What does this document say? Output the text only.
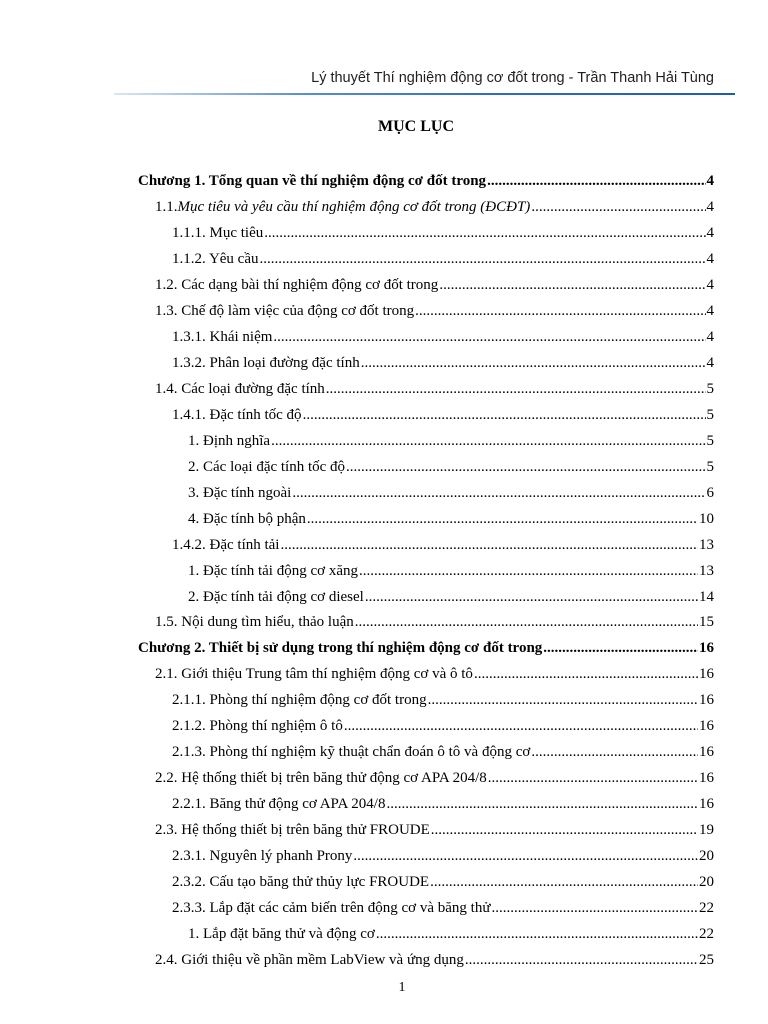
Lý thuyết Thí nghiệm động cơ đốt trong - Trần Thanh Hải Tùng
MỤC LỤC
Chương 1. Tổng quan về thí nghiệm động cơ đốt trong .....	4
1.1. Mục tiêu và yêu cầu thí nghiệm động cơ đốt trong (ĐCĐT) .....	4
1.1.1. Mục tiêu .....	4
1.1.2. Yêu cầu .....	4
1.2. Các dạng bài thí nghiệm động cơ đốt trong .....	4
1.3. Chế độ làm việc của động cơ đốt trong .....	4
1.3.1. Khái niệm .....	4
1.3.2. Phân loại đường đặc tính .....	4
1.4. Các loại đường đặc tính .....	5
1.4.1. Đặc tính tốc độ .....	5
1. Định nghĩa .....	5
2. Các loại đặc tính tốc độ .....	5
3. Đặc tính ngoài .....	6
4. Đặc tính bộ phận .....	10
1.4.2. Đặc tính tải .....	13
1. Đặc tính tải động cơ xăng .....	13
2. Đặc tính tải động cơ diesel .....	14
1.5. Nội dung tìm hiểu, thảo luận .....	15
Chương 2. Thiết bị sử dụng trong thí nghiệm động cơ đốt trong .....	16
2.1. Giới thiệu Trung tâm thí nghiệm động cơ và ô tô .....	16
2.1.1. Phòng thí nghiệm động cơ đốt trong .....	16
2.1.2. Phòng thí nghiệm ô tô .....	16
2.1.3. Phòng thí nghiệm kỹ thuật chẩn đoán ô tô và động cơ .....	16
2.2. Hệ thống thiết bị trên băng thử động cơ APA 204/8 .....	16
2.2.1. Băng thử động cơ APA 204/8 .....	16
2.3. Hệ thống thiết bị trên băng thử FROUDE .....	19
2.3.1. Nguyên lý phanh Prony .....	20
2.3.2. Cấu tạo băng thử thủy lực FROUDE .....	20
2.3.3. Lắp đặt các cảm biến trên động cơ và băng thử .....	22
1. Lắp đặt băng thử và động cơ .....	22
2.4. Giới thiệu về phần mềm LabView và ứng dụng .....	25
1
